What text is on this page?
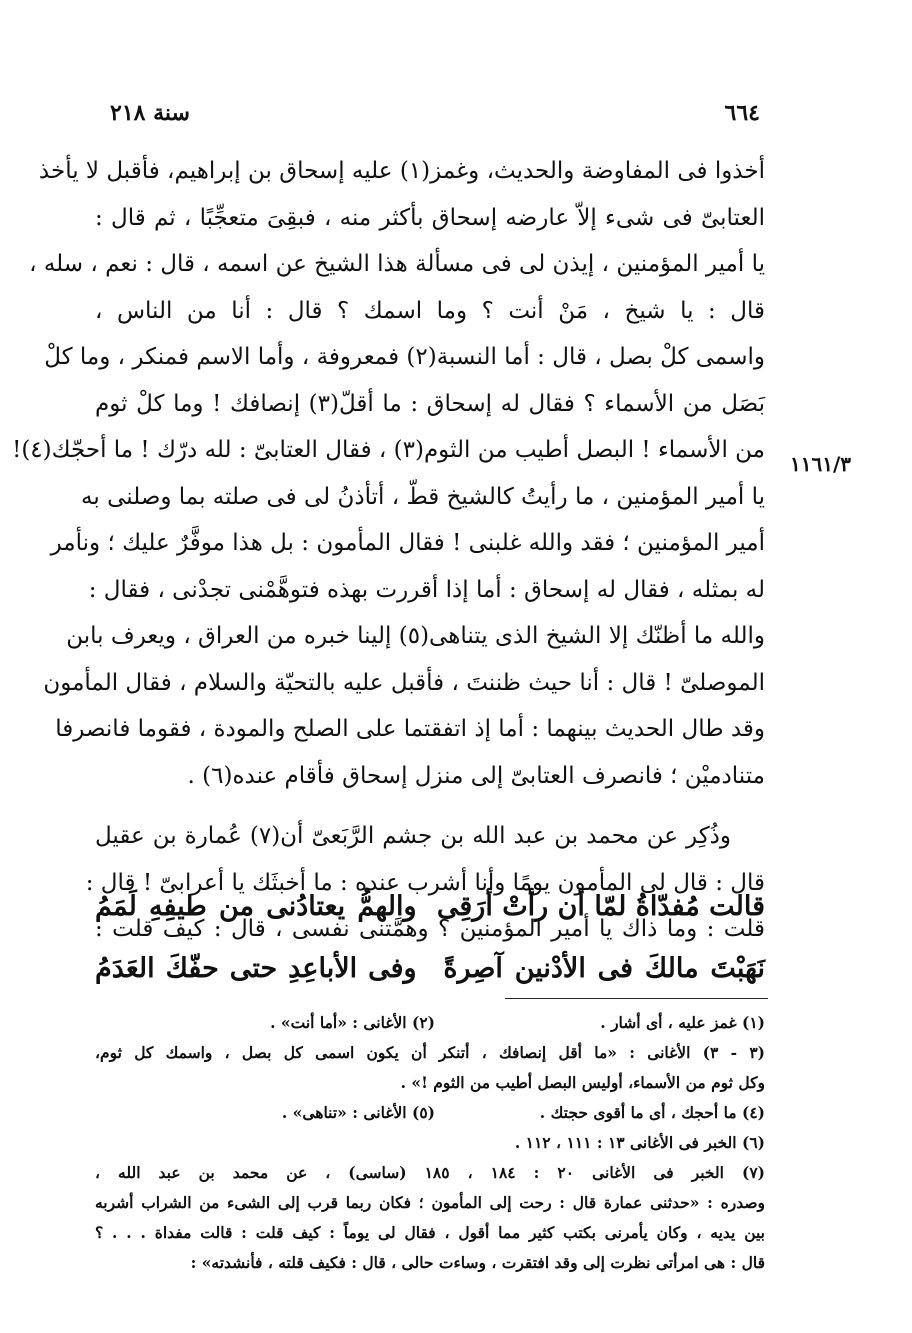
٦٦٤
سنة ٢١٨
١١٦١/٣
أخذوا فى المفاوضة والحديث، وغمز(١) عليه إسحاق بن إبراهيم، فأقبل لا يأخذ
العتابىّ فى شىء إلاّ عارضه إسحاق بأكثر منه ، فبقِىَ متعجِّبًا ، ثم قال :
يا أمير المؤمنين ، إيذن لى فى مسألة هذا الشيخ عن اسمه ، قال : نعم ، سله ،
قال : يا شيخ ، مَنْ أنت ؟ وما اسمك ؟ قال : أنا من الناس ،
واسمى كلْ بصل ، قال : أما النسبة(٢) فمعروفة ، وأما الاسم فمنكر ، وما كلْ
بَصَل من الأسماء ؟ فقال له إسحاق : ما أقلّ(٣) إنصافك ! وما كلْ ثوم
من الأسماء ! البصل أطيب من الثوم(٣) ، فقال العتابىّ : لله درّك ! ما أحجّك(٤)!
يا أمير المؤمنين ، ما رأيتُ كالشيخ قطّ ، أتأذنُ لى فى صلته بما وصلنى به
أمير المؤمنين ؛ فقد والله غلبنى ! فقال المأمون : بل هذا موفَّرٌ عليك ؛ ونأمر
له بمثله ، فقال له إسحاق : أما إذا أقررت بهذه فتوهَّمْنى تجدْنى ، فقال :
والله ما أظنّك إلا الشيخ الذى يتناهى(٥) إلينا خبره من العراق ، ويعرف بابن
الموصلىّ ! قال : أنا حيث ظننتَ ، فأقبل عليه بالتحيّة والسلام ، فقال المأمون
وقد طال الحديث بينهما : أما إذ اتفقتما على الصلح والمودة ، فقوما فانصرفا
متنادميْن ؛ فانصرف العتابىّ إلى منزل إسحاق فأقام عنده(٦) .
وذُكِر عن محمد بن عبد الله بن جشم الرَّبَعىّ أن(٧) عُمارة بن عقيل
قال : قال لى المأمون يومًا وأنا أشرب عنده : ما أخبثَك يا أعرابىّ ! قال :
قلت : وما ذاك يا أمير المؤمنين ؟ وهمَّتنى نفسى ، قال : كيف قلت :
قالت مُفدّاةُ لمّا أن رأتْ أرَقِى
والهمُّ يعتادُنى من طيفِهِ لَمَمُ
نَهَبْتَ مالكَ فى الأدْنين آصِرةً
وفى الأباعِدِ حتى حفّكَ العَدَمُ
(١) غمز عليه ، أى أشار .
(٢) الأغانى : «أما أنت» .
(٣ - ٣) الأغانى : «ما أقل إنصافك ، أتنكر أن يكون اسمى كل بصل ، واسمك كل ثوم،
وكل ثوم من الأسماء، أوليس البصل أطيب من الثوم !» .
(٤) ما أحجك ، أى ما أقوى حجتك .
(٥) الأغانى : «تناهى» .
(٦) الخبر فى الأغانى ١٣ : ١١١ ، ١١٢ .
(٧) الخبر فى الأغانى ٢٠ : ١٨٤ ، ١٨٥ (ساسى) ، عن محمد بن عبد الله ،
وصدره : «حدثنى عمارة قال : رحت إلى المأمون ؛ فكان ربما قرب إلى الشىء من الشراب أشربه
بين يديه ، وكان يأمرنى بكتب كثير مما أقول ، فقال لى يوماً : كيف قلت : قالت مفداة . . . ؟
قال : هى امرأتى نظرت إلى وقد افتقرت ، وساءت حالى ، قال : فكيف قلته ، فأنشدته» :
